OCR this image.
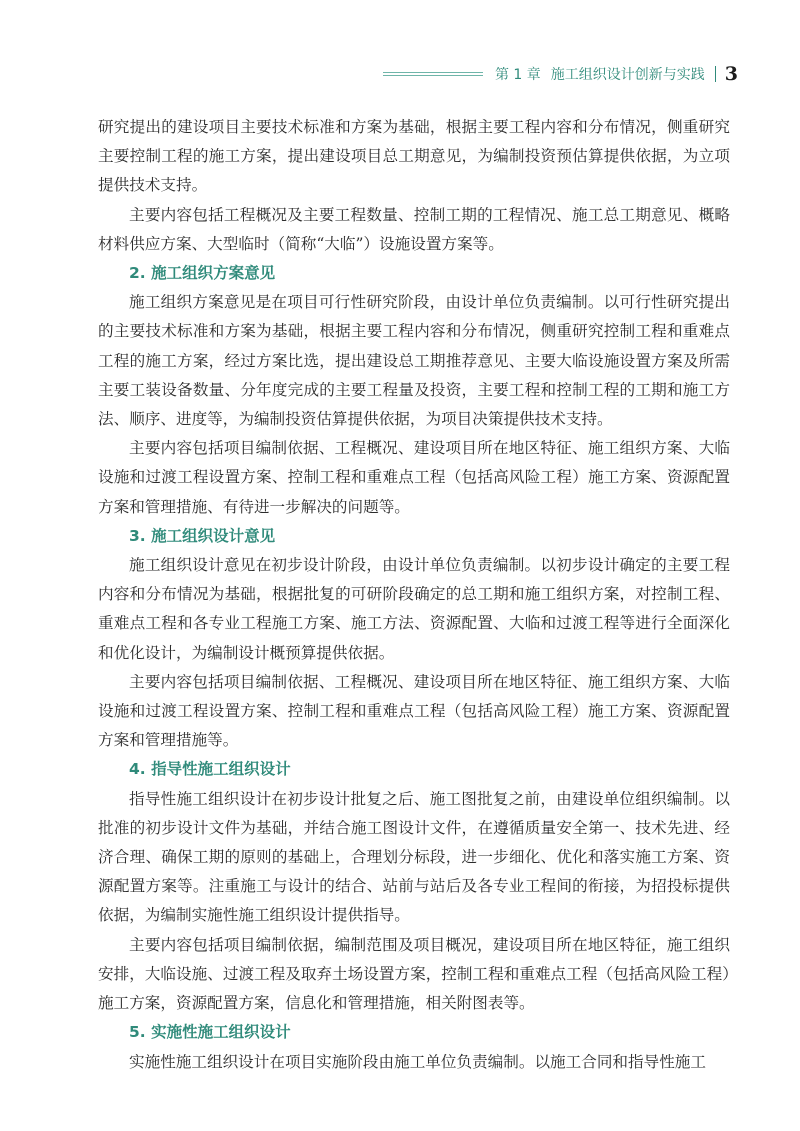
第 1 章 施工组织设计创新与实践 3

研究提出的建设项目主要技术标准和方案为基础，根据主要工程内容和分布情况，侧重研究主要控制工程的施工方案，提出建设项目总工期意见，为编制投资预估算提供依据，为立项提供技术支持。

主要内容包括工程概况及主要工程数量、控制工期的工程情况、施工总工期意见、概略材料供应方案、大型临时（简称“大临”）设施设置方案等。

2. 施工组织方案意见

施工组织方案意见是在项目可行性研究阶段，由设计单位负责编制。以可行性研究提出的主要技术标准和方案为基础，根据主要工程内容和分布情况，侧重研究控制工程和重难点工程的施工方案，经过方案比选，提出建设总工期推荐意见、主要大临设施设置方案及所需主要工装设备数量、分年度完成的主要工程量及投资，主要工程和控制工程的工期和施工方法、顺序、进度等，为编制投资估算提供依据，为项目决策提供技术支持。

主要内容包括项目编制依据、工程概况、建设项目所在地区特征、施工组织方案、大临设施和过渡工程设置方案、控制工程和重难点工程（包括高风险工程）施工方案、资源配置方案和管理措施、有待进一步解决的问题等。

3. 施工组织设计意见

施工组织设计意见在初步设计阶段，由设计单位负责编制。以初步设计确定的主要工程内容和分布情况为基础，根据批复的可研阶段确定的总工期和施工组织方案，对控制工程、重难点工程和各专业工程施工方案、施工方法、资源配置、大临和过渡工程等进行全面深化和优化设计，为编制设计概预算提供依据。

主要内容包括项目编制依据、工程概况、建设项目所在地区特征、施工组织方案、大临设施和过渡工程设置方案、控制工程和重难点工程（包括高风险工程）施工方案、资源配置方案和管理措施等。

4. 指导性施工组织设计

指导性施工组织设计在初步设计批复之后、施工图批复之前，由建设单位组织编制。以批准的初步设计文件为基础，并结合施工图设计文件，在遵循质量安全第一、技术先进、经济合理、确保工期的原则的基础上，合理划分标段，进一步细化、优化和落实施工方案、资源配置方案等。注重施工与设计的结合、站前与站后及各专业工程间的衔接，为招投标提供依据，为编制实施性施工组织设计提供指导。

主要内容包括项目编制依据，编制范围及项目概况，建设项目所在地区特征，施工组织安排，大临设施、过渡工程及取弃土场设置方案，控制工程和重难点工程（包括高风险工程）施工方案，资源配置方案，信息化和管理措施，相关附图表等。

5. 实施性施工组织设计

实施性施工组织设计在项目实施阶段由施工单位负责编制。以施工合同和指导性施工
